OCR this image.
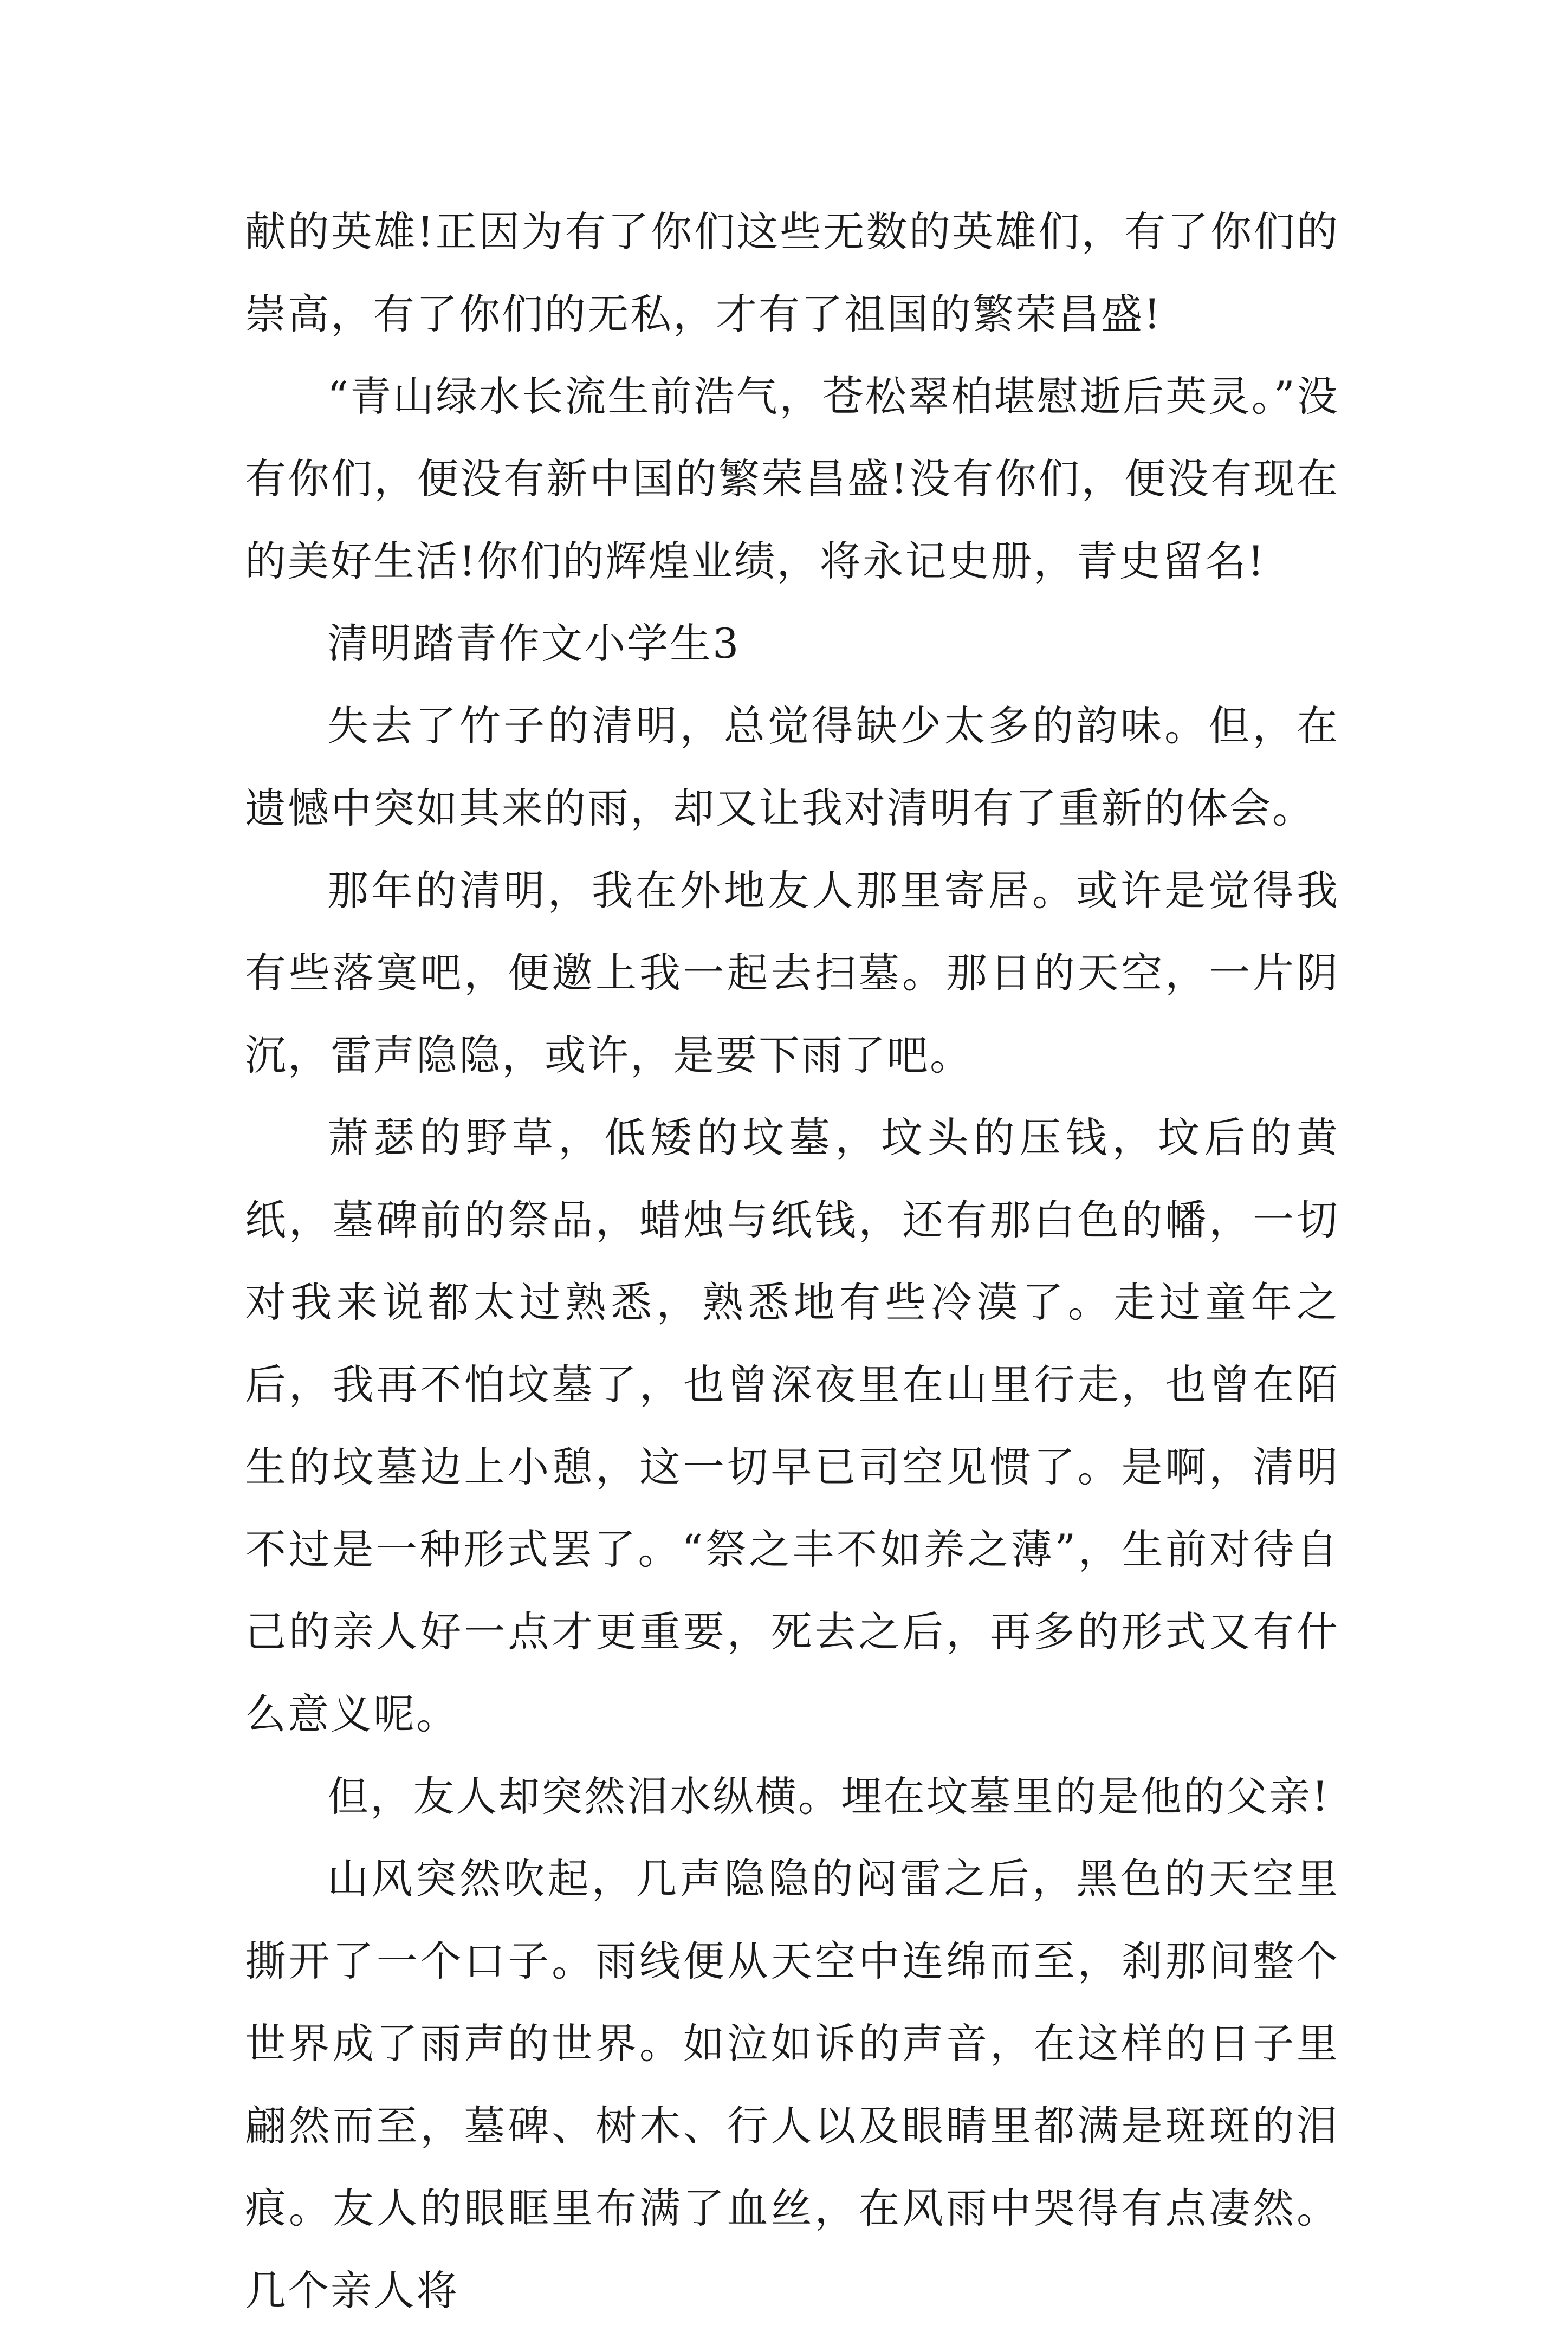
献的英雄!正因为有了你们这些无数的英雄们，有了你们的崇高，有了你们的无私，才有了祖国的繁荣昌盛!

“青山绿水长流生前浩气，苍松翠柏堪慰逝后英灵。”没有你们，便没有新中国的繁荣昌盛!没有你们，便没有现在的美好生活!你们的辉煌业绩，将永记史册，青史留名!

清明踏青作文小学生3

失去了竹子的清明，总觉得缺少太多的韵味。但，在遗憾中突如其来的雨，却又让我对清明有了重新的体会。

那年的清明，我在外地友人那里寄居。或许是觉得我有些落寞吧，便邀上我一起去扫墓。那日的天空，一片阴沉，雷声隐隐，或许，是要下雨了吧。

萧瑟的野草，低矮的坟墓，坟头的压钱，坟后的黄纸，墓碑前的祭品，蜡烛与纸钱，还有那白色的幡，一切对我来说都太过熟悉，熟悉地有些冷漠了。走过童年之后，我再不怕坟墓了，也曾深夜里在山里行走，也曾在陌生的坟墓边上小憩，这一切早已司空见惯了。是啊，清明不过是一种形式罢了。“祭之丰不如养之薄”，生前对待自己的亲人好一点才更重要，死去之后，再多的形式又有什么意义呢。

但，友人却突然泪水纵横。埋在坟墓里的是他的父亲!

山风突然吹起，几声隐隐的闷雷之后，黑色的天空里撕开了一个口子。雨线便从天空中连绵而至，刹那间整个世界成了雨声的世界。如泣如诉的声音，在这样的日子里翩然而至，墓碑、树木、行人以及眼睛里都满是斑斑的泪痕。友人的眼眶里布满了血丝，在风雨中哭得有点凄然。几个亲人将
